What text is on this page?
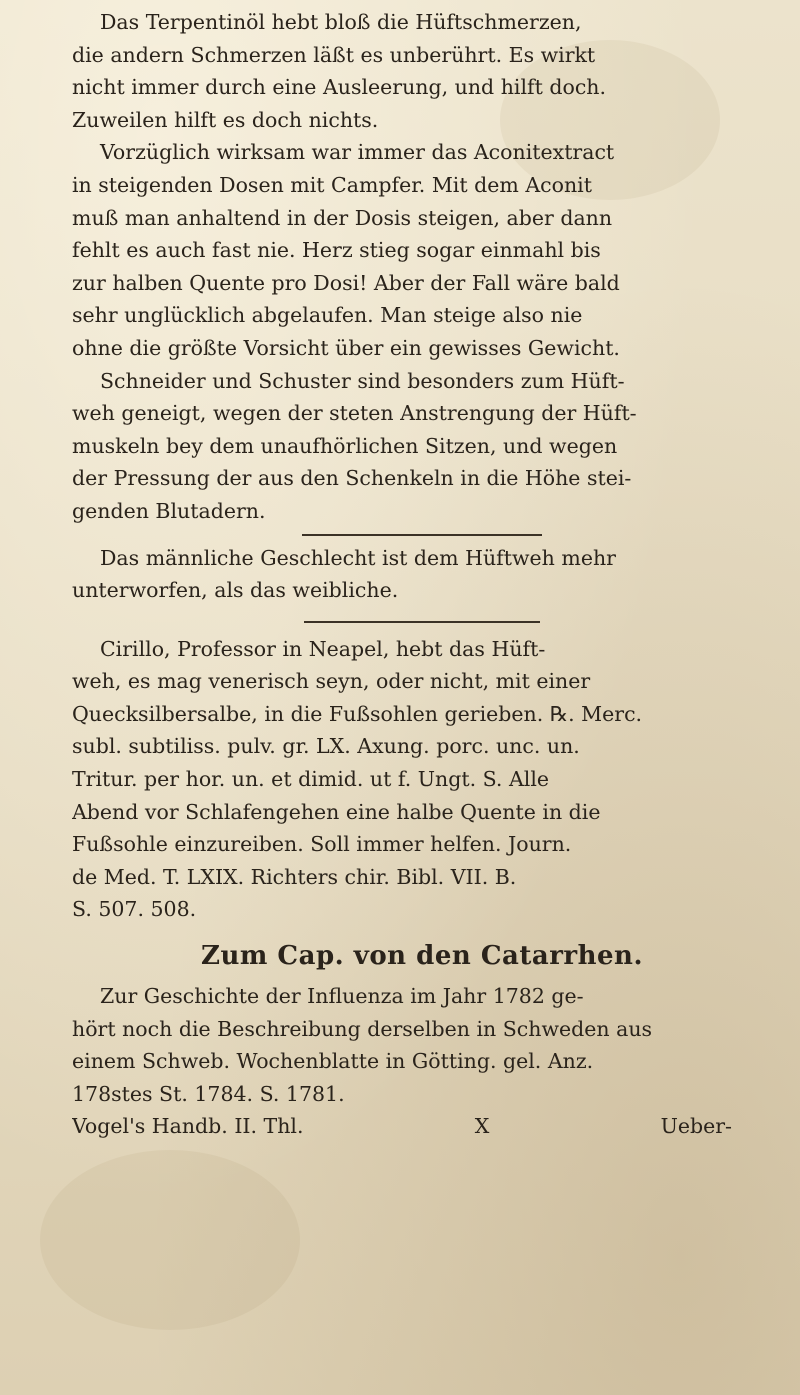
Das Terpentinöl hebt bloß die Hüftschmerzen,
die andern Schmerzen läßt es unberührt. Es wirkt
nicht immer durch eine Ausleerung, und hilft doch.
Zuweilen hilft es doch nichts.
Vorzüglich wirksam war immer das Aconitextract
in steigenden Dosen mit Campfer. Mit dem Aconit
muß man anhaltend in der Dosis steigen, aber dann
fehlt es auch fast nie. Herz stieg sogar einmahl bis
zur halben Quente pro Dosi! Aber der Fall wäre bald
sehr unglücklich abgelaufen. Man steige also nie
ohne die größte Vorsicht über ein gewisses Gewicht.
Schneider und Schuster sind besonders zum Hüft-
weh geneigt, wegen der steten Anstrengung der Hüft-
muskeln bey dem unaufhörlichen Sitzen, und wegen
der Pressung der aus den Schenkeln in die Höhe stei-
genden Blutadern.
Das männliche Geschlecht ist dem Hüftweh mehr
unterworfen, als das weibliche.
Cirillo, Professor in Neapel, hebt das Hüft-
weh, es mag venerisch seyn, oder nicht, mit einer
Quecksilbersalbe, in die Fußsohlen gerieben. ℞. Merc.
subl. subtiliss. pulv. gr. LX. Axung. porc. unc. un.
Tritur. per hor. un. et dimid. ut f. Ungt. S. Alle
Abend vor Schlafengehen eine halbe Quente in die
Fußsohle einzureiben. Soll immer helfen. Journ.
de Med. T. LXIX. Richters chir. Bibl. VII. B.
S. 507. 508.
Zum Cap. von den Catarrhen.
Zur Geschichte der Influenza im Jahr 1782 ge-
hört noch die Beschreibung derselben in Schweden aus
einem Schweb. Wochenblatte in Götting. gel. Anz.
178stes St. 1784. S. 1781.
Vogel's Handb. II. Thl.	X	Ueber-
